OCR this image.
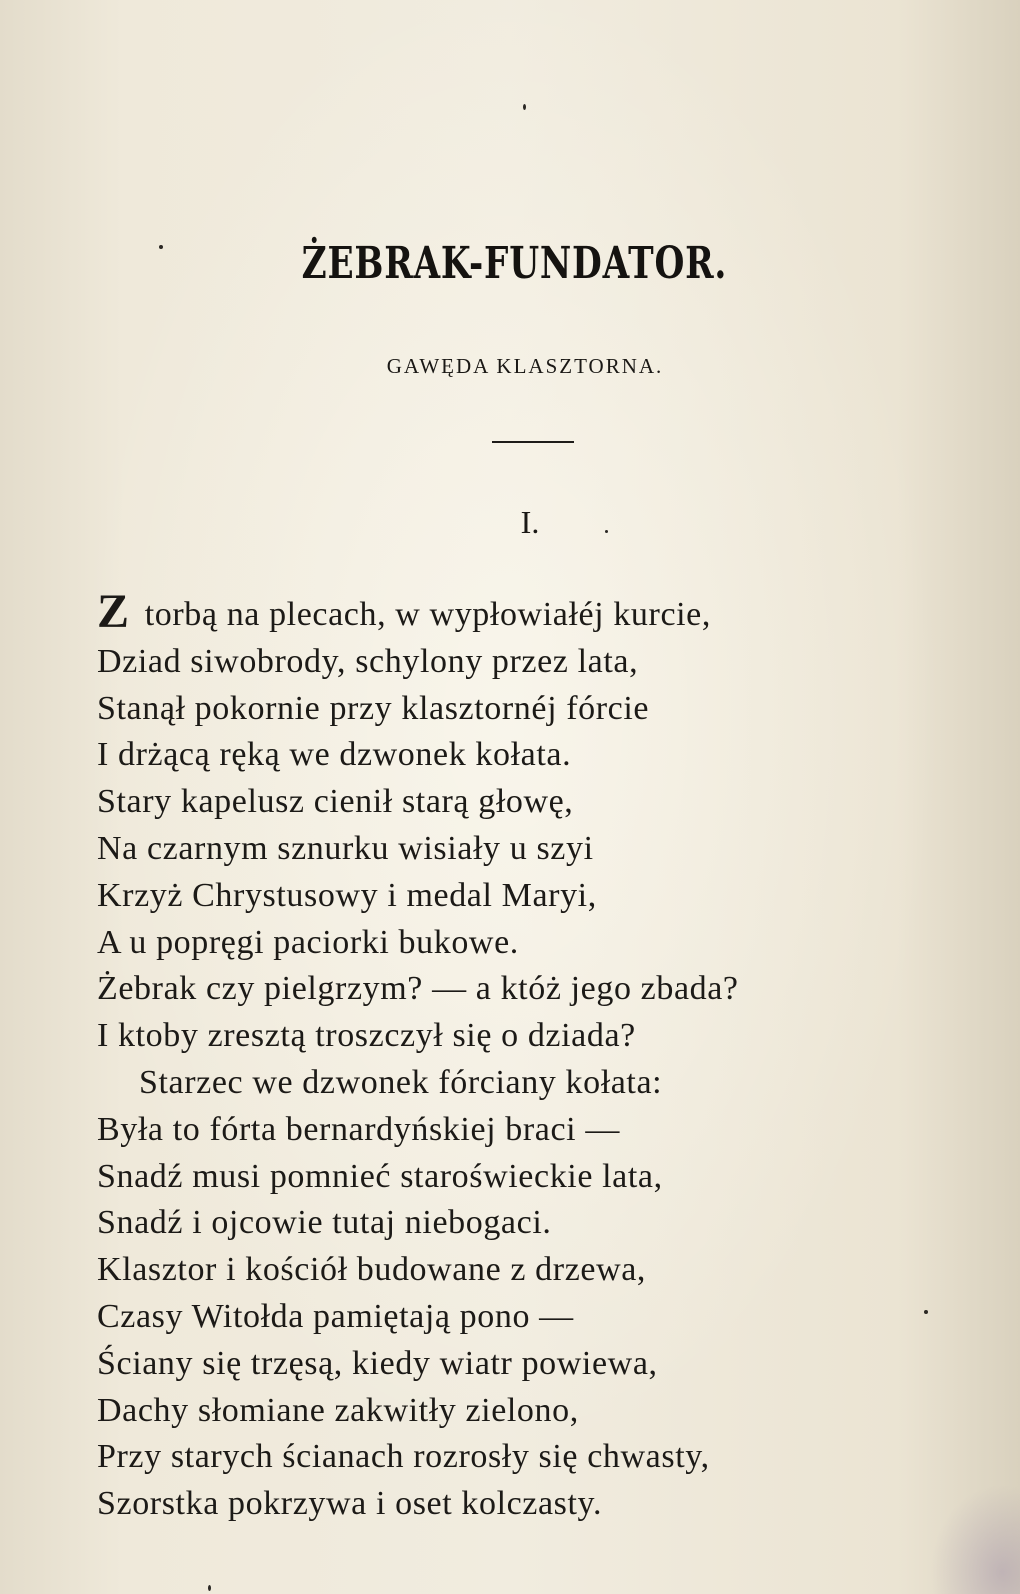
ŻEBRAK-FUNDATOR.
GAWĘDA KLASZTORNA.
I.
Z torbą na plecach, w wypłowiałéj kurcie,
Dziad siwobrody, schylony przez lata,
Stanął pokornie przy klasztornéj fórcie
I drżącą ręką we dzwonek kołata.
Stary kapelusz cienił starą głowę,
Na czarnym sznurku wisiały u szyi
Krzyż Chrystusowy i medal Maryi,
A u popręgi paciorki bukowe.
Żebrak czy pielgrzym? — a któż jego zbada?
I ktoby zresztą troszczył się o dziada?
Starzec we dzwonek fórciany kołata:
Była to fórta bernardyńskiej braci —
Snadź musi pomnieć staroświeckie lata,
Snadź i ojcowie tutaj niebogaci.
Klasztor i kościół budowane z drzewa,
Czasy Witołda pamiętają pono —
Ściany się trzęsą, kiedy wiatr powiewa,
Dachy słomiane zakwitły zielono,
Przy starych ścianach rozrosły się chwasty,
Szorstka pokrzywa i oset kolczasty.
